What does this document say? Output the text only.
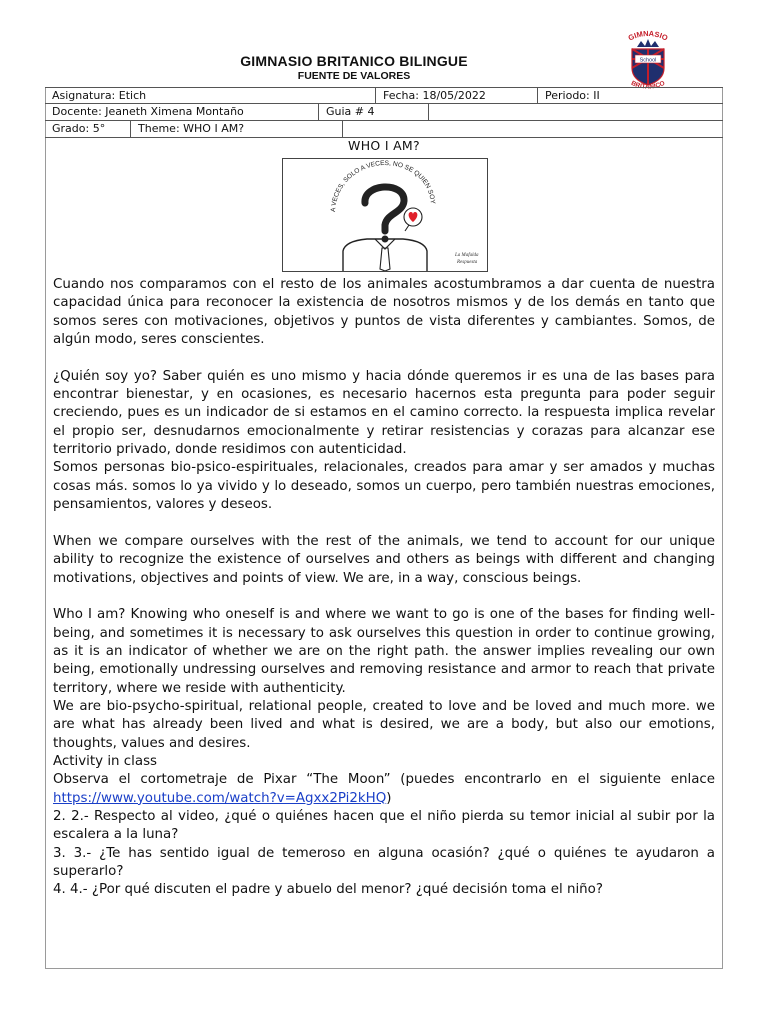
GIMNASIO BRITANICO BILINGUE
FUENTE DE VALORES
GIMNASIO
School
BRITANICO
Asignatura: Etich	Fecha: 18/05/2022	Periodo: II
Docente: Jeaneth Ximena Montaño	Guia # 4
Grado: 5°	Theme: WHO I AM?
WHO I AM?
A VECES, SOLO A VECES, NO SE QUIEN SOY
La Mafalda
Respuesta

Cuando nos comparamos con el resto de los animales acostumbramos a dar cuenta de nuestra capacidad única para reconocer la existencia de nosotros mismos y de los demás en tanto que somos seres con motivaciones, objetivos y puntos de vista diferentes y cambiantes. Somos, de algún modo, seres conscientes.

¿Quién soy yo? Saber quién es uno mismo y hacia dónde queremos ir es una de las bases para encontrar bienestar, y en ocasiones, es necesario hacernos esta pregunta para poder seguir creciendo, pues es un indicador de si estamos en el camino correcto. la respuesta implica revelar el propio ser, desnudarnos emocionalmente y retirar resistencias y corazas para alcanzar ese territorio privado, donde residimos con autenticidad.

Somos personas bio-psico-espirituales, relacionales, creados para amar y ser amados y muchas cosas más. somos lo ya vivido y lo deseado, somos un cuerpo, pero también nuestras emociones, pensamientos, valores y deseos.

When we compare ourselves with the rest of the animals, we tend to account for our unique ability to recognize the existence of ourselves and others as beings with different and changing motivations, objectives and points of view. We are, in a way, conscious beings.

Who I am? Knowing who oneself is and where we want to go is one of the bases for finding well-being, and sometimes it is necessary to ask ourselves this question in order to continue growing, as it is an indicator of whether we are on the right path. the answer implies revealing our own being, emotionally undressing ourselves and removing resistance and armor to reach that private territory, where we reside with authenticity.

We are bio-psycho-spiritual, relational people, created to love and be loved and much more. we are what has already been lived and what is desired, we are a body, but also our emotions, thoughts, values and desires.

Activity in class

Observa el cortometraje de Pixar “The Moon” (puedes encontrarlo en el siguiente enlace https://www.youtube.com/watch?v=Agxx2Pi2kHQ)

2. 2.- Respecto al video, ¿qué o quiénes hacen que el niño pierda su temor inicial al subir por la escalera a la luna?

3. 3.- ¿Te has sentido igual de temeroso en alguna ocasión? ¿qué o quiénes te ayudaron a superarlo?

4. 4.- ¿Por qué discuten el padre y abuelo del menor? ¿qué decisión toma el niño?
